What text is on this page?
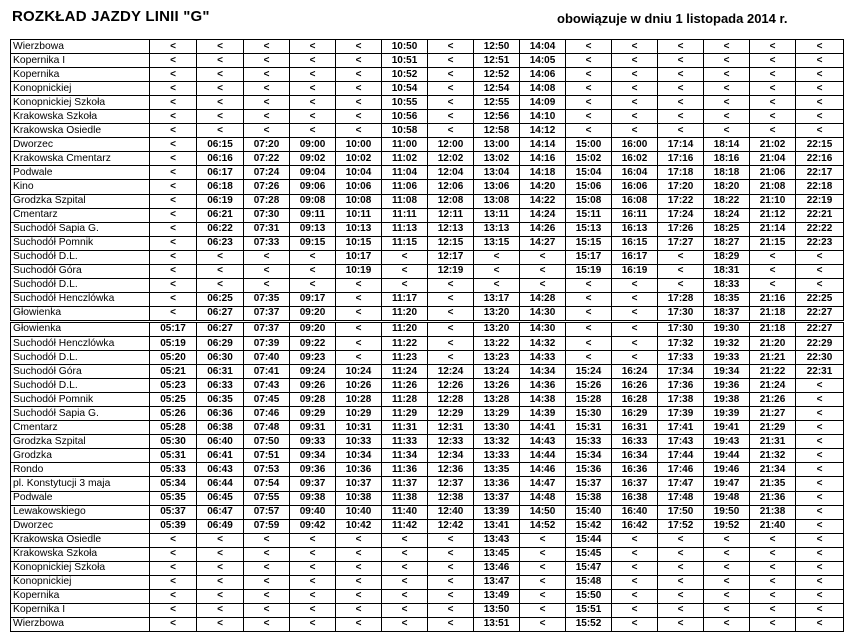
ROZKŁAD JAZDY LINII "G"	obowiązuje w dniu 1 listopada 2014 r.
Wierzbowa	<	<	<	<	<	10:50	<	12:50	14:04	<	<	<	<	<	<
Kopernika I	<	<	<	<	<	10:51	<	12:51	14:05	<	<	<	<	<	<
Kopernika	<	<	<	<	<	10:52	<	12:52	14:06	<	<	<	<	<	<
Konopnickiej	<	<	<	<	<	10:54	<	12:54	14:08	<	<	<	<	<	<
Konopnickiej Szkoła	<	<	<	<	<	10:55	<	12:55	14:09	<	<	<	<	<	<
Krakowska Szkoła	<	<	<	<	<	10:56	<	12:56	14:10	<	<	<	<	<	<
Krakowska Osiedle	<	<	<	<	<	10:58	<	12:58	14:12	<	<	<	<	<	<
Dworzec	<	06:15	07:20	09:00	10:00	11:00	12:00	13:00	14:14	15:00	16:00	17:14	18:14	21:02	22:15
Krakowska Cmentarz	<	06:16	07:22	09:02	10:02	11:02	12:02	13:02	14:16	15:02	16:02	17:16	18:16	21:04	22:16
Podwale	<	06:17	07:24	09:04	10:04	11:04	12:04	13:04	14:18	15:04	16:04	17:18	18:18	21:06	22:17
Kino	<	06:18	07:26	09:06	10:06	11:06	12:06	13:06	14:20	15:06	16:06	17:20	18:20	21:08	22:18
Grodzka Szpital	<	06:19	07:28	09:08	10:08	11:08	12:08	13:08	14:22	15:08	16:08	17:22	18:22	21:10	22:19
Cmentarz	<	06:21	07:30	09:11	10:11	11:11	12:11	13:11	14:24	15:11	16:11	17:24	18:24	21:12	22:21
Suchodół Sapia G.	<	06:22	07:31	09:13	10:13	11:13	12:13	13:13	14:26	15:13	16:13	17:26	18:25	21:14	22:22
Suchodół Pomnik	<	06:23	07:33	09:15	10:15	11:15	12:15	13:15	14:27	15:15	16:15	17:27	18:27	21:15	22:23
Suchodół D.L.	<	<	<	<	10:17	<	12:17	<	<	15:17	16:17	<	18:29	<	<
Suchodół Góra	<	<	<	<	10:19	<	12:19	<	<	15:19	16:19	<	18:31	<	<
Suchodół D.L.	<	<	<	<	<	<	<	<	<	<	<	<	18:33	<	<
Suchodół Henczlówka	<	06:25	07:35	09:17	<	11:17	<	13:17	14:28	<	<	17:28	18:35	21:16	22:25
Głowienka	<	06:27	07:37	09:20	<	11:20	<	13:20	14:30	<	<	17:30	18:37	21:18	22:27
Głowienka	05:17	06:27	07:37	09:20	<	11:20	<	13:20	14:30	<	<	17:30	19:30	21:18	22:27
Suchodół Henczlówka	05:19	06:29	07:39	09:22	<	11:22	<	13:22	14:32	<	<	17:32	19:32	21:20	22:29
Suchodół D.L.	05:20	06:30	07:40	09:23	<	11:23	<	13:23	14:33	<	<	17:33	19:33	21:21	22:30
Suchodół Góra	05:21	06:31	07:41	09:24	10:24	11:24	12:24	13:24	14:34	15:24	16:24	17:34	19:34	21:22	22:31
Suchodół D.L.	05:23	06:33	07:43	09:26	10:26	11:26	12:26	13:26	14:36	15:26	16:26	17:36	19:36	21:24	<
Suchodół Pomnik	05:25	06:35	07:45	09:28	10:28	11:28	12:28	13:28	14:38	15:28	16:28	17:38	19:38	21:26	<
Suchodół Sapia G.	05:26	06:36	07:46	09:29	10:29	11:29	12:29	13:29	14:39	15:30	16:29	17:39	19:39	21:27	<
Cmentarz	05:28	06:38	07:48	09:31	10:31	11:31	12:31	13:30	14:41	15:31	16:31	17:41	19:41	21:29	<
Grodzka Szpital	05:30	06:40	07:50	09:33	10:33	11:33	12:33	13:32	14:43	15:33	16:33	17:43	19:43	21:31	<
Grodzka	05:31	06:41	07:51	09:34	10:34	11:34	12:34	13:33	14:44	15:34	16:34	17:44	19:44	21:32	<
Rondo	05:33	06:43	07:53	09:36	10:36	11:36	12:36	13:35	14:46	15:36	16:36	17:46	19:46	21:34	<
pl. Konstytucji 3 maja	05:34	06:44	07:54	09:37	10:37	11:37	12:37	13:36	14:47	15:37	16:37	17:47	19:47	21:35	<
Podwale	05:35	06:45	07:55	09:38	10:38	11:38	12:38	13:37	14:48	15:38	16:38	17:48	19:48	21:36	<
Lewakowskiego	05:37	06:47	07:57	09:40	10:40	11:40	12:40	13:39	14:50	15:40	16:40	17:50	19:50	21:38	<
Dworzec	05:39	06:49	07:59	09:42	10:42	11:42	12:42	13:41	14:52	15:42	16:42	17:52	19:52	21:40	<
Krakowska Osiedle	<	<	<	<	<	<	<	13:43	<	15:44	<	<	<	<	<
Krakowska Szkoła	<	<	<	<	<	<	<	13:45	<	15:45	<	<	<	<	<
Konopnickiej Szkoła	<	<	<	<	<	<	<	13:46	<	15:47	<	<	<	<	<
Konopnickiej	<	<	<	<	<	<	<	13:47	<	15:48	<	<	<	<	<
Kopernika	<	<	<	<	<	<	<	13:49	<	15:50	<	<	<	<	<
Kopernika I	<	<	<	<	<	<	<	13:50	<	15:51	<	<	<	<	<
Wierzbowa	<	<	<	<	<	<	<	13:51	<	15:52	<	<	<	<	<
